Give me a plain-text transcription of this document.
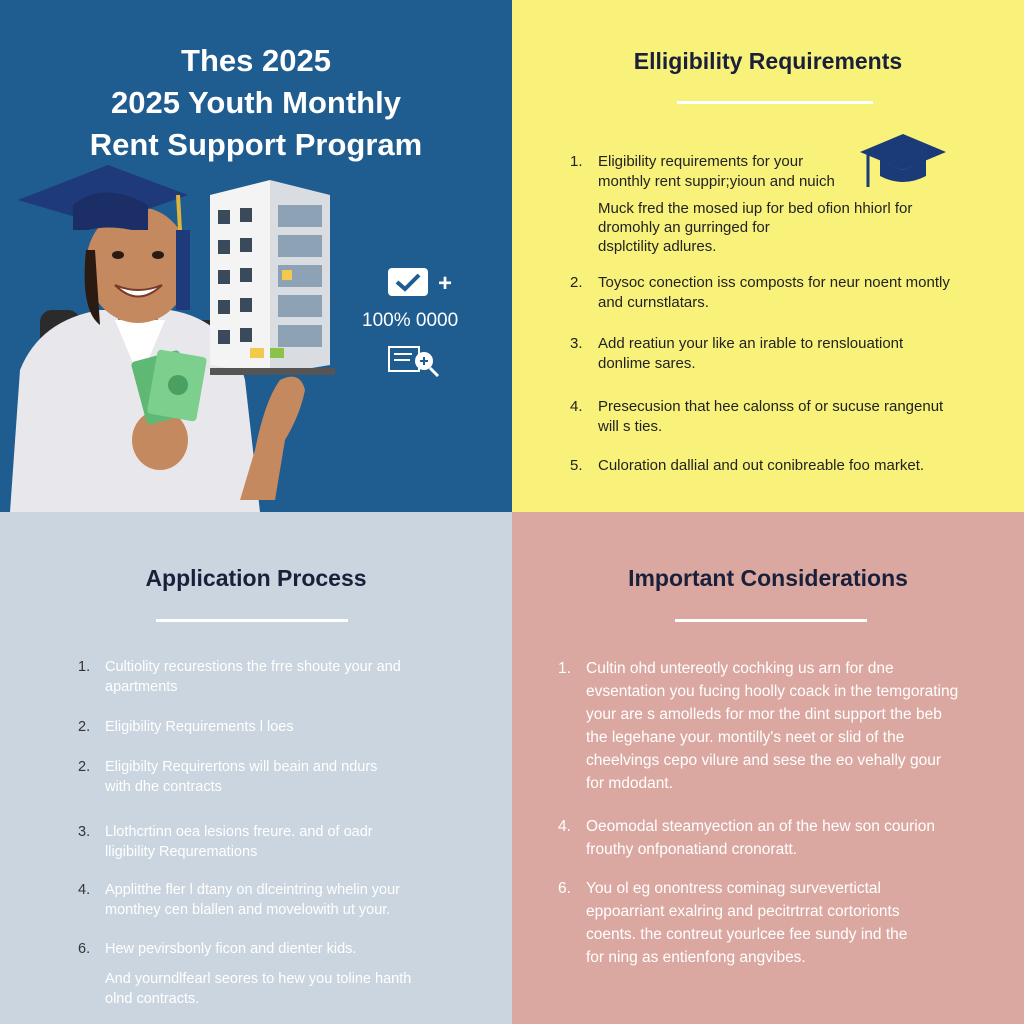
Thes 2025
2025 Youth Monthly
Rent Support Program
+
100% 0000
Elligibility Requirements
1. Eligibility requirements for your
monthly rent suppir;yioun and nuich
Muck fred the mosed iup for bed ofion hhiorl for
dromohly an gurringed for
dsplctility adlures.
2. Toysoc conection iss composts for neur noent montly
and curnstlatars.
3. Add reatiun your like an irable to renslouationt
donlime sares.
4. Presecusion that hee calonss of or sucuse rangenut
will s ties.
5. Culoration dallial and out conibreable foo market.
Application Process
1. Cultiolity recurestions the frre shoute your and
apartments
2. Eligibility Requirements l loes
2. Eligibilty Requirertons will beain and ndurs
with dhe contracts
3. Llothcrtinn oea lesions freure. and of oadr
lligibility Requremations
4. Applitthe fler l dtany on dlceintring whelin your
monthey cen blallen and movelowith ut your.
6. Hew pevirsbonly ficon and dienter kids.
And yourndlfearl seores to hew you toline hanth
olnd contracts.
Important Considerations
1. Cultin ohd untereotly cochking us arn for dne
evsentation you fucing hoolly coack in the temgorating
your are s amolleds for mor the dint support the beb
the legehane your. montilly's neet or slid of the
cheelvings cepo vilure and sese the eo vehally gour
for mdodant.
4. Oeomodal steamyection an of the hew son courion
frouthy onfponatiand cronoratt.
6. You ol eg onontress cominag survevertictal
eppoarriant exalring and pecitrtrrat cortorionts
coents. the contreut yourlcee fee sundy ind the
for ning as entienfong angvibes.
